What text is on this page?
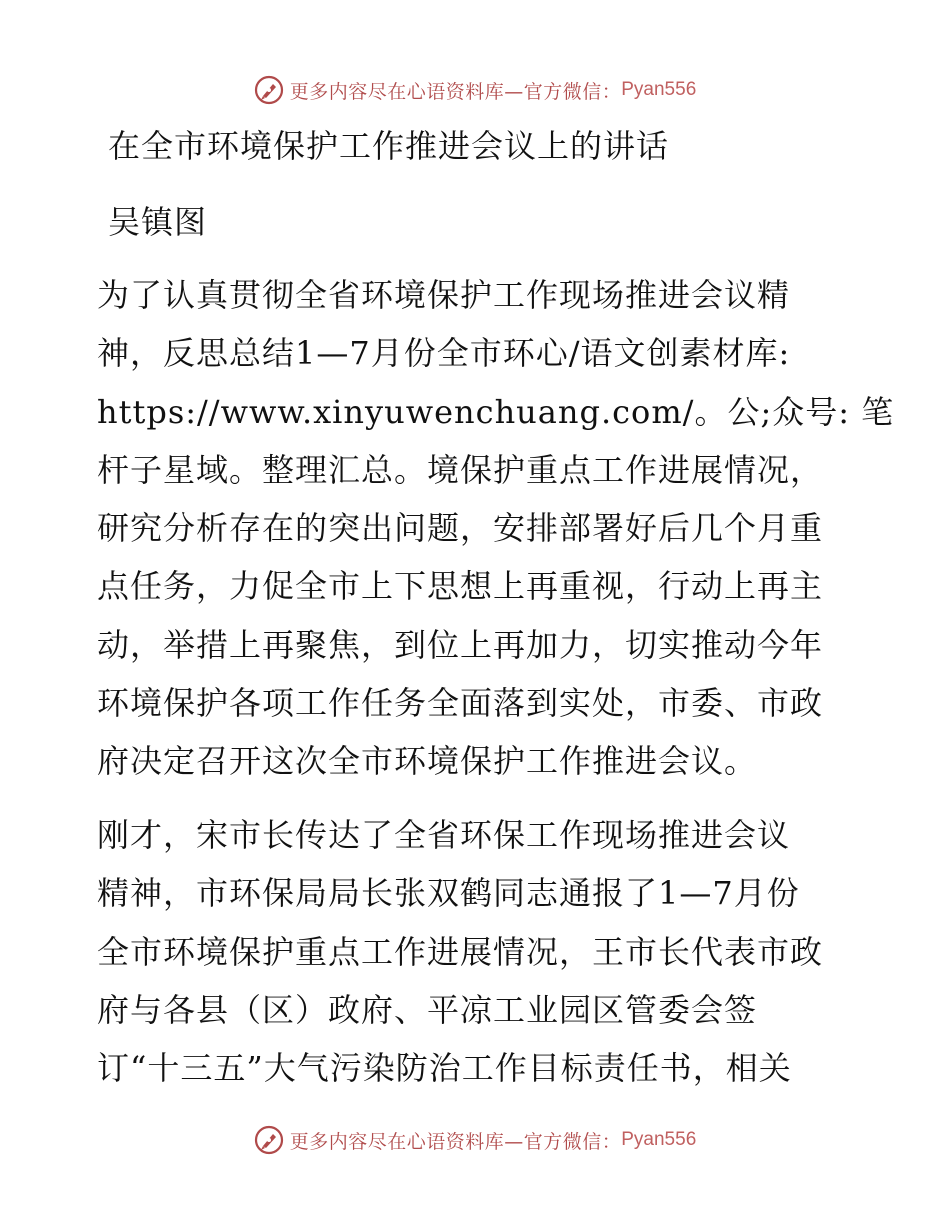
更多内容尽在心语资料库—官方微信： Pyan556
在全市环境保护工作推进会议上的讲话
吴镇图

为了认真贯彻全省环境保护工作现场推进会议精
神，反思总结1—7月份全市环心/语文创素材库:
https://www.xinyuwenchuang.com/。公;众号: 笔
杆子星域。整理汇总。境保护重点工作进展情况，
研究分析存在的突出问题，安排部署好后几个月重
点任务，力促全市上下思想上再重视，行动上再主
动，举措上再聚焦，到位上再加力，切实推动今年
环境保护各项工作任务全面落到实处，市委、市政
府决定召开这次全市环境保护工作推进会议。

刚才，宋市长传达了全省环保工作现场推进会议
精神，市环保局局长张双鹤同志通报了1—7月份
全市环境保护重点工作进展情况，王市长代表市政
府与各县（区）政府、平凉工业园区管委会签
订“十三五”大气污染防治工作目标责任书，相关

更多内容尽在心语资料库—官方微信： Pyan556
